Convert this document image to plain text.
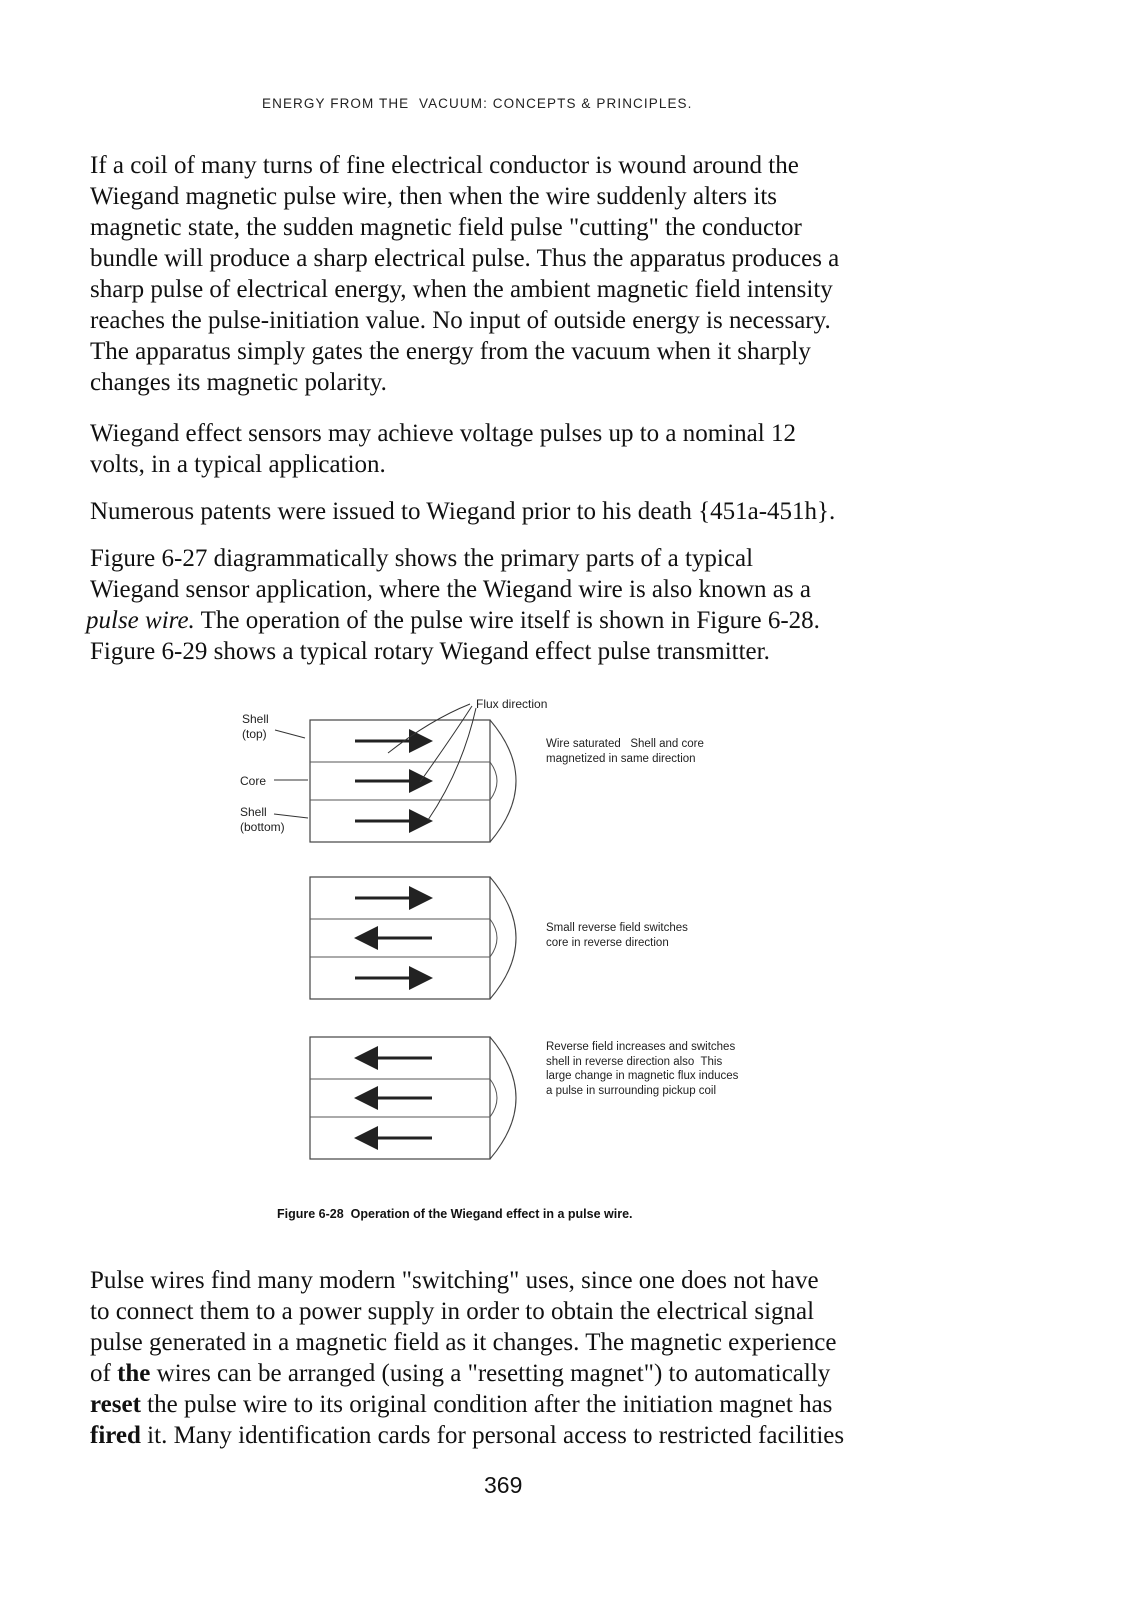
ENERGY FROM THE  VACUUM: CONCEPTS & PRINCIPLES.
If a coil of many turns of fine electrical conductor is wound around the
Wiegand magnetic pulse wire, then when the wire suddenly alters its
magnetic state, the sudden magnetic field pulse "cutting" the conductor
bundle will produce a sharp electrical pulse. Thus the apparatus produces a
sharp pulse of electrical energy, when the ambient magnetic field intensity
reaches the pulse-initiation value. No input of outside energy is necessary.
The apparatus simply gates the energy from the vacuum when it sharply
changes its magnetic polarity.
Wiegand effect sensors may achieve voltage pulses up to a nominal 12
volts, in a typical application.
Numerous patents were issued to Wiegand prior to his death {451a-451h}.
Figure 6-27 diagrammatically shows the primary parts of a typical
Wiegand sensor application, where the Wiegand wire is also known as a
pulse wire. The operation of the pulse wire itself is shown in Figure 6-28.
Figure 6-29 shows a typical rotary Wiegand effect pulse transmitter.
Flux direction
Shell
(top)
Core
Shell
(bottom)
Wire saturated   Shell and core
magnetized in same direction
Small reverse field switches
core in reverse direction
Reverse field increases and switches
shell in reverse direction also  This
large change in magnetic flux induces
a pulse in surrounding pickup coil
Figure 6-28  Operation of the Wiegand effect in a pulse wire.
Pulse wires find many modern "switching" uses, since one does not have
to connect them to a power supply in order to obtain the electrical signal
pulse generated in a magnetic field as it changes. The magnetic experience
of the wires can be arranged (using a "resetting magnet") to automatically
reset the pulse wire to its original condition after the initiation magnet has
fired it. Many identification cards for personal access to restricted facilities
369
